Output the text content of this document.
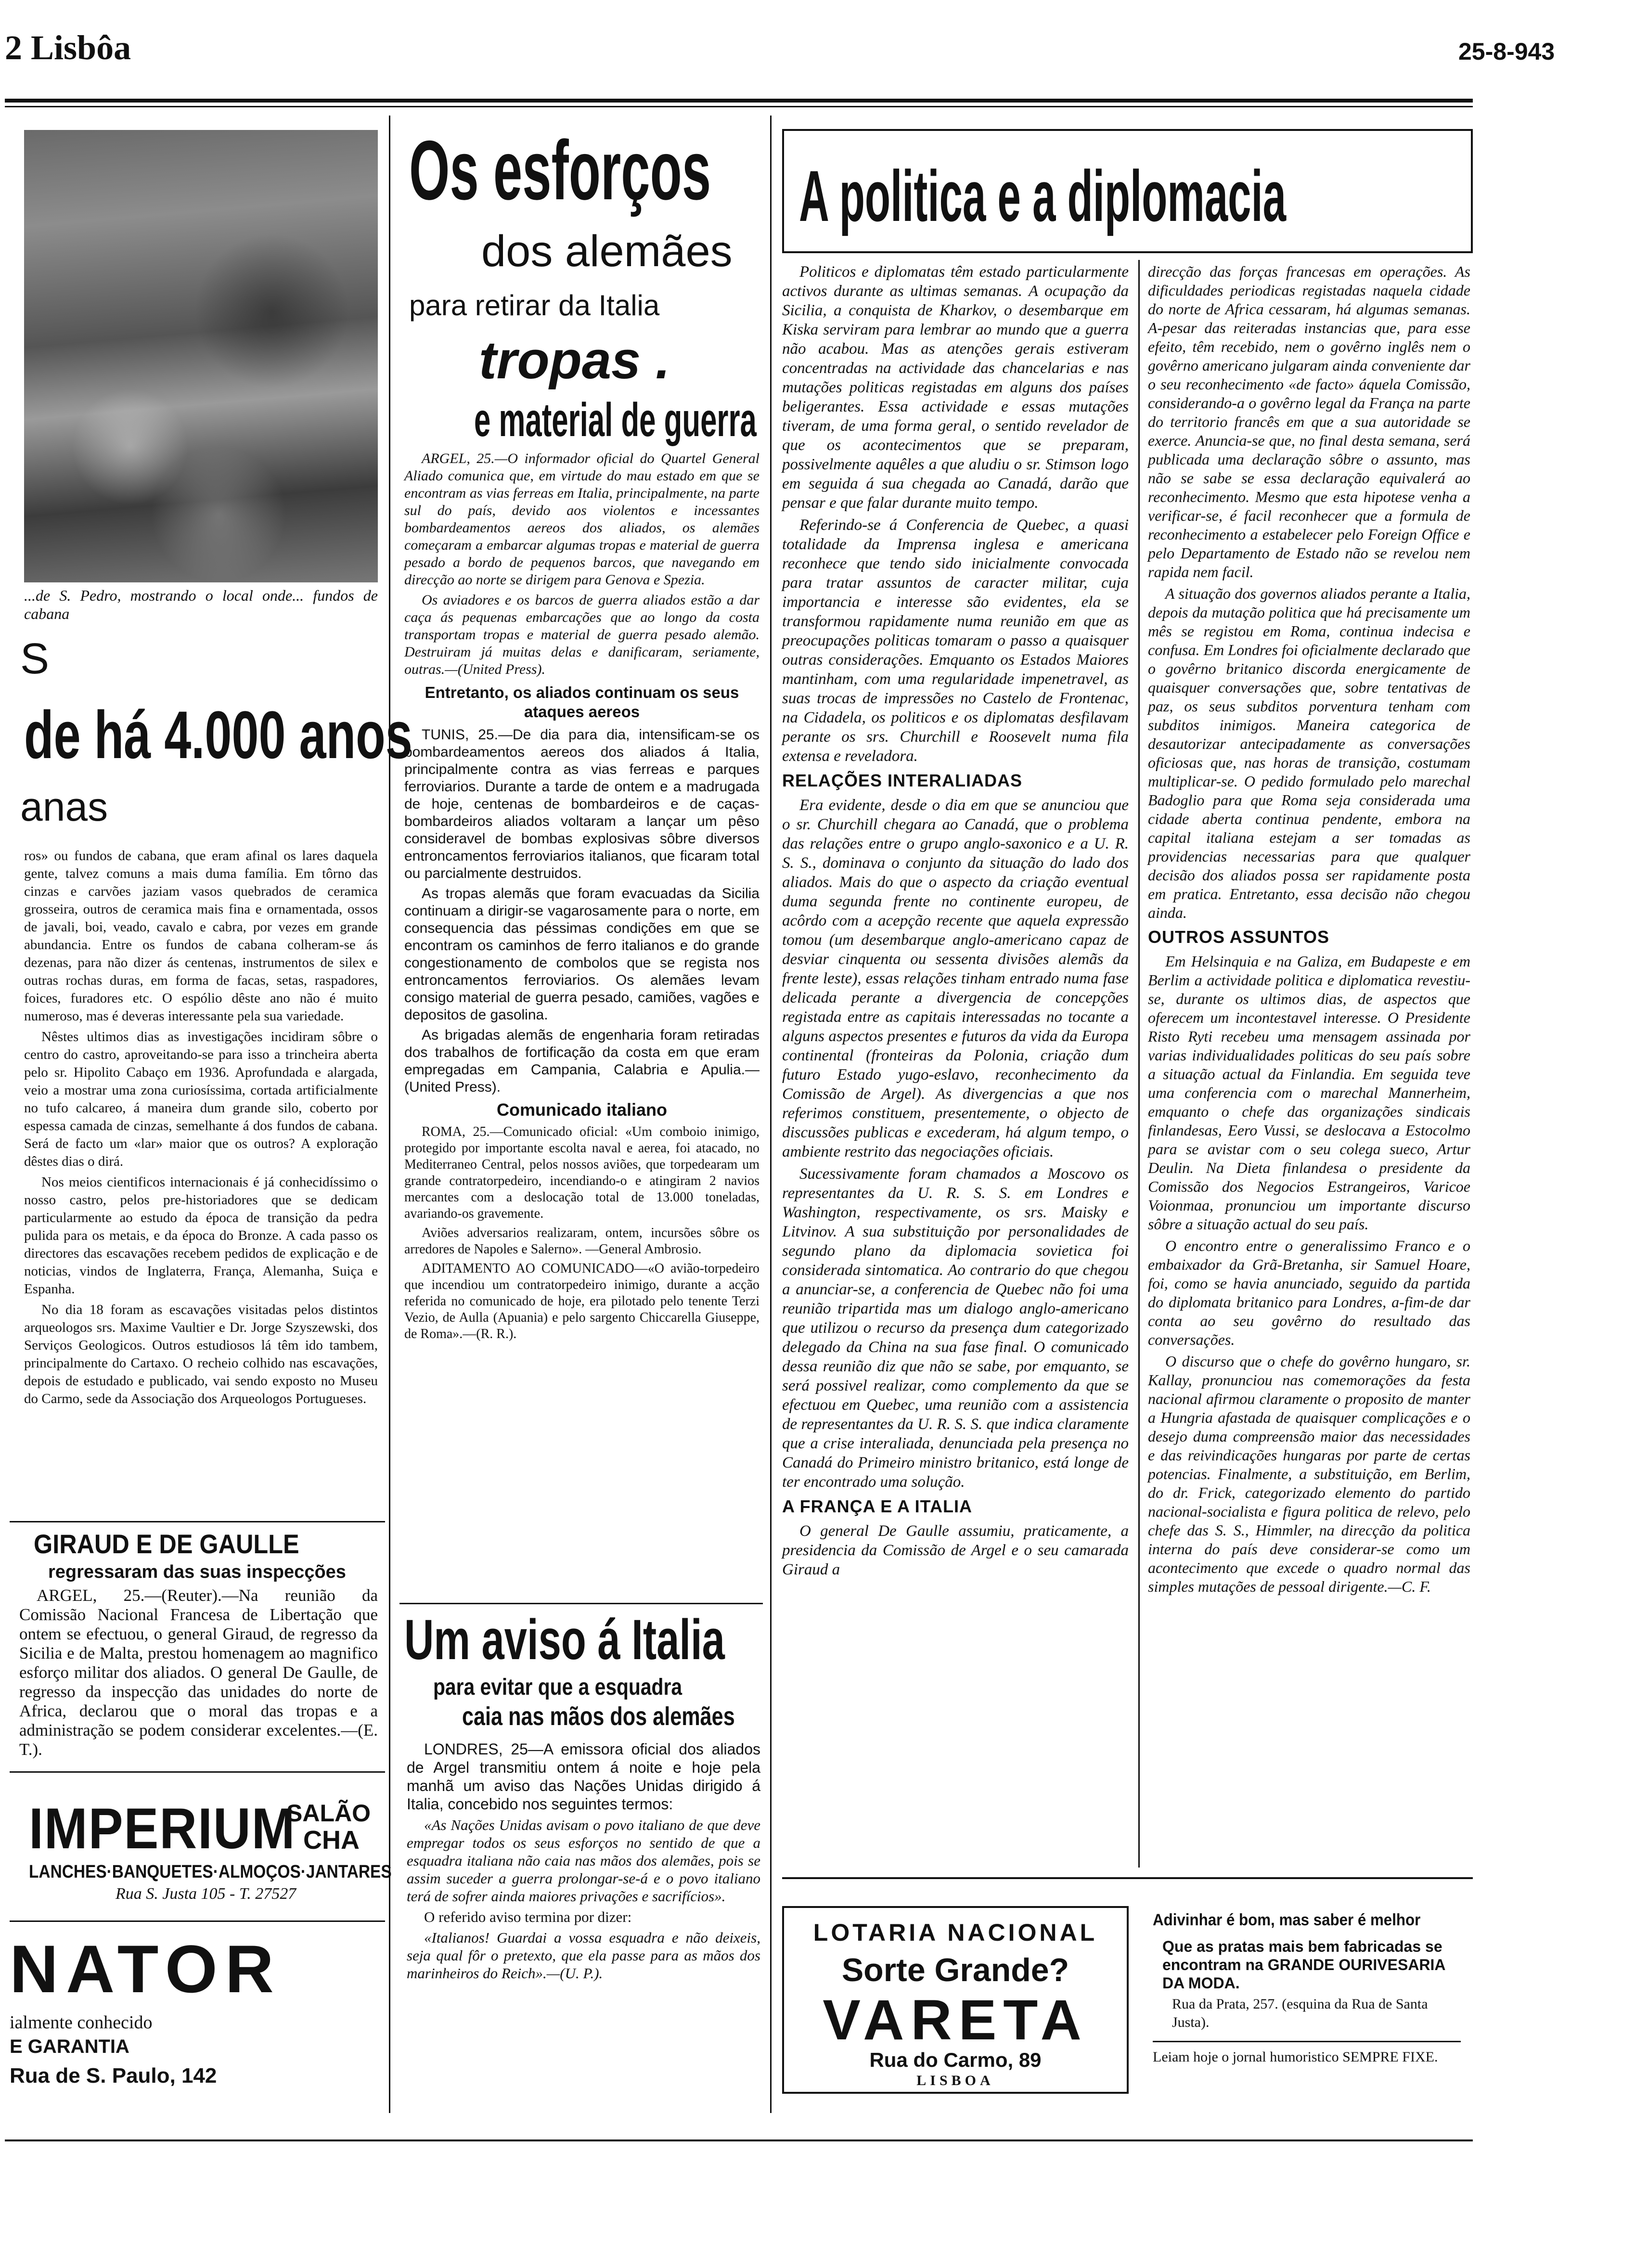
2 Lisbôa	25-8-943
...de S. Pedro, mostrando o local onde... fundos de cabana
S
de há 4.000 anos
anas

ros» ou fundos de cabana, que eram afinal os lares daquela gente, talvez comuns a mais duma família. Em tôrno das cinzas e carvões jaziam vasos quebrados de ceramica grosseira, outros de ceramica mais fina e ornamentada, ossos de javali, boi, veado, cavalo e cabra, por vezes em grande abundancia. Entre os fundos de cabana colheram-se ás dezenas, para não dizer ás centenas, instrumentos de silex e outras rochas duras, em forma de facas, setas, raspadores, foices, furadores etc. O espólio dêste ano não é muito numeroso, mas é deveras interessante pela sua variedade.

Nêstes ultimos dias as investigações incidiram sôbre o centro do castro, aproveitando-se para isso a trincheira aberta pelo sr. Hipolito Cabaço em 1936. Aprofundada e alargada, veio a mostrar uma zona curiosíssima, cortada artificialmente no tufo calcareo, á maneira dum grande silo, coberto por espessa camada de cinzas, semelhante á dos fundos de cabana. Será de facto um «lar» maior que os outros? A exploração dêstes dias o dirá.

Nos meios cientificos internacionais é já conhecidíssimo o nosso castro, pelos pre-historiadores que se dedicam particularmente ao estudo da época de transição da pedra pulida para os metais, e da época do Bronze. A cada passo os directores das escavações recebem pedidos de explicação e de noticias, vindos de Inglaterra, França, Alemanha, Suiça e Espanha.

No dia 18 foram as escavações visitadas pelos distintos arqueologos srs. Maxime Vaultier e Dr. Jorge Szyszewski, dos Serviços Geologicos. Outros estudiosos lá têm ido tambem, principalmente do Cartaxo. O recheio colhido nas escavações, depois de estudado e publicado, vai sendo exposto no Museu do Carmo, sede da Associação dos Arqueologos Portugueses.

GIRAUD E DE GAULLE
regressaram das suas inspecções

ARGEL, 25.—(Reuter).—Na reunião da Comissão Nacional Francesa de Libertação que ontem se efectuou, o general Giraud, de regresso da Sicilia e de Malta, prestou homenagem ao magnifico esforço militar dos aliados. O general De Gaulle, de regresso da inspecção das unidades do norte de Africa, declarou que o moral das tropas e a administração se podem considerar excelentes.—(E. T.).

IMPERIUM
SALÃO
CHA
LANCHES·BANQUETES·ALMOÇOS·JANTARES
Rua S. Justa 105 - T. 27527
NATOR
ialmente conhecido
E GARANTIA
Rua de S. Paulo, 142
Os esforços
dos alemães
para retirar da Italia
tropas .
e material de guerra

ARGEL, 25.—O informador oficial do Quartel General Aliado comunica que, em virtude do mau estado em que se encontram as vias ferreas em Italia, principalmente, na parte sul do país, devido aos violentos e incessantes bombardeamentos aereos dos aliados, os alemães começaram a embarcar algumas tropas e material de guerra pesado a bordo de pequenos barcos, que navegando em direcção ao norte se dirigem para Genova e Spezia.

Os aviadores e os barcos de guerra aliados estão a dar caça ás pequenas embarcações que ao longo da costa transportam tropas e material de guerra pesado alemão. Destruiram já muitas delas e danificaram, seriamente, outras.—(United Press).

Entretanto, os aliados continuam os seus ataques aereos

TUNIS, 25.—De dia para dia, intensificam-se os bombardeamentos aereos dos aliados á Italia, principalmente contra as vias ferreas e parques ferroviarios. Durante a tarde de ontem e a madrugada de hoje, centenas de bombardeiros e de caças-bombardeiros aliados voltaram a lançar um pêso consideravel de bombas explosivas sôbre diversos entroncamentos ferroviarios italianos, que ficaram total ou parcialmente destruidos.

As tropas alemãs que foram evacuadas da Sicilia continuam a dirigir-se vagarosamente para o norte, em consequencia das péssimas condições em que se encontram os caminhos de ferro italianos e do grande congestionamento de combolos que se regista nos entroncamentos ferroviarios. Os alemães levam consigo material de guerra pesado, camiões, vagões e depositos de gasolina.

As brigadas alemãs de engenharia foram retiradas dos trabalhos de fortificação da costa em que eram empregadas em Campania, Calabria e Apulia.—(United Press).

Comunicado italiano

ROMA, 25.—Comunicado oficial: «Um comboio inimigo, protegido por importante escolta naval e aerea, foi atacado, no Mediterraneo Central, pelos nossos aviões, que torpedearam um grande contratorpedeiro, incendiando-o e atingiram 2 navios mercantes com a deslocação total de 13.000 toneladas, avariando-os gravemente.

Aviões adversarios realizaram, ontem, incursões sôbre os arredores de Napoles e Salerno». —General Ambrosio.

ADITAMENTO AO COMUNICADO—«O avião-torpedeiro que incendiou um contratorpedeiro inimigo, durante a acção referida no comunicado de hoje, era pilotado pelo tenente Terzi Vezio, de Aulla (Apuania) e pelo sargento Chiccarella Giuseppe, de Roma».—(R. R.).

Um aviso á Italia
para evitar que a esquadra
caia nas mãos dos alemães

LONDRES, 25—A emissora oficial dos aliados de Argel transmitiu ontem á noite e hoje pela manhã um aviso das Nações Unidas dirigido á Italia, concebido nos seguintes termos:

«As Nações Unidas avisam o povo italiano de que deve empregar todos os seus esforços no sentido de que a esquadra italiana não caia nas mãos dos alemães, pois se assim suceder a guerra prolongar-se-á e o povo italiano terá de sofrer ainda maiores privações e sacrifícios».

O referido aviso termina por dizer:

«Italianos! Guardai a vossa esquadra e não deixeis, seja qual fôr o pretexto, que ela passe para as mãos dos marinheiros do Reich».—(U. P.).

A politica e a diplomacia

Politicos e diplomatas têm estado particularmente activos durante as ultimas semanas. A ocupação da Sicilia, a conquista de Kharkov, o desembarque em Kiska serviram para lembrar ao mundo que a guerra não acabou. Mas as atenções gerais estiveram concentradas na actividade das chancelarias e nas mutações politicas registadas em alguns dos países beligerantes. Essa actividade e essas mutações tiveram, de uma forma geral, o sentido revelador de que os acontecimentos que se preparam, possivelmente aquêles a que aludiu o sr. Stimson logo em seguida á sua chegada ao Canadá, darão que pensar e que falar durante muito tempo.

Referindo-se á Conferencia de Quebec, a quasi totalidade da Imprensa inglesa e americana reconhece que tendo sido inicialmente convocada para tratar assuntos de caracter militar, cuja importancia e interesse são evidentes, ela se transformou rapidamente numa reunião em que as preocupações politicas tomaram o passo a quaisquer outras considerações. Emquanto os Estados Maiores mantinham, com uma regularidade impenetravel, as suas trocas de impressões no Castelo de Frontenac, na Cidadela, os politicos e os diplomatas desfilavam perante os srs. Churchill e Roosevelt numa fila extensa e reveladora.

RELAÇÕES INTERALIADAS

Era evidente, desde o dia em que se anunciou que o sr. Churchill chegara ao Canadá, que o problema das relações entre o grupo anglo-saxonico e a U. R. S. S., dominava o conjunto da situação do lado dos aliados. Mais do que o aspecto da criação eventual duma segunda frente no continente europeu, de acôrdo com a acepção recente que aquela expressão tomou (um desembarque anglo-americano capaz de desviar cinquenta ou sessenta divisões alemãs da frente leste), essas relações tinham entrado numa fase delicada perante a divergencia de concepções registada entre as capitais interessadas no tocante a alguns aspectos presentes e futuros da vida da Europa continental (fronteiras da Polonia, criação dum futuro Estado yugo-eslavo, reconhecimento da Comissão de Argel). As divergencias a que nos referimos constituem, presentemente, o objecto de discussões publicas e excederam, há algum tempo, o ambiente restrito das negociações oficiais.

Sucessivamente foram chamados a Moscovo os representantes da U. R. S. S. em Londres e Washington, respectivamente, os srs. Maisky e Litvinov. A sua substituição por personalidades de segundo plano da diplomacia sovietica foi considerada sintomatica. Ao contrario do que chegou a anunciar-se, a conferencia de Quebec não foi uma reunião tripartida mas um dialogo anglo-americano que utilizou o recurso da presença dum categorizado delegado da China na sua fase final. O comunicado dessa reunião diz que não se sabe, por emquanto, se será possivel realizar, como complemento da que se efectuou em Quebec, uma reunião com a assistencia de representantes da U. R. S. S. que indica claramente que a crise interaliada, denunciada pela presença no Canadá do Primeiro ministro britanico, está longe de ter encontrado uma solução.

A FRANÇA E A ITALIA

O general De Gaulle assumiu, praticamente, a presidencia da Comissão de Argel e o seu camarada Giraud a

direcção das forças francesas em operações. As dificuldades periodicas registadas naquela cidade do norte de Africa cessaram, há algumas semanas. A-pesar das reiteradas instancias que, para esse efeito, têm recebido, nem o govêrno inglês nem o govêrno americano julgaram ainda conveniente dar o seu reconhecimento «de facto» áquela Comissão, considerando-a o govêrno legal da França na parte do territorio francês em que a sua autoridade se exerce. Anuncia-se que, no final desta semana, será publicada uma declaração sôbre o assunto, mas não se sabe se essa declaração equivalerá ao reconhecimento. Mesmo que esta hipotese venha a verificar-se, é facil reconhecer que a formula de reconhecimento a estabelecer pelo Foreign Office e pelo Departamento de Estado não se revelou nem rapida nem facil.

A situação dos governos aliados perante a Italia, depois da mutação politica que há precisamente um mês se registou em Roma, continua indecisa e confusa. Em Londres foi oficialmente declarado que o govêrno britanico discorda energicamente de quaisquer conversações que, sobre tentativas de paz, os seus subditos porventura tenham com subditos inimigos. Maneira categorica de desautorizar antecipadamente as conversações oficiosas que, nas horas de transição, costumam multiplicar-se. O pedido formulado pelo marechal Badoglio para que Roma seja considerada uma cidade aberta continua pendente, embora na capital italiana estejam a ser tomadas as providencias necessarias para que qualquer decisão dos aliados possa ser rapidamente posta em pratica. Entretanto, essa decisão não chegou ainda.

OUTROS ASSUNTOS

Em Helsinquia e na Galiza, em Budapeste e em Berlim a actividade politica e diplomatica revestiu-se, durante os ultimos dias, de aspectos que oferecem um incontestavel interesse. O Presidente Risto Ryti recebeu uma mensagem assinada por varias individualidades politicas do seu país sobre a situação actual da Finlandia. Em seguida teve uma conferencia com o marechal Mannerheim, emquanto o chefe das organizações sindicais finlandesas, Eero Vussi, se deslocava a Estocolmo para se avistar com o seu colega sueco, Artur Deulin. Na Dieta finlandesa o presidente da Comissão dos Negocios Estrangeiros, Varicoe Voionmaa, pronunciou um importante discurso sôbre a situação actual do seu país.

O encontro entre o generalissimo Franco e o embaixador da Grã-Bretanha, sir Samuel Hoare, foi, como se havia anunciado, seguido da partida do diplomata britanico para Londres, a-fim-de dar conta ao seu govêrno do resultado das conversações.

O discurso que o chefe do govêrno hungaro, sr. Kallay, pronunciou nas comemorações da festa nacional afirmou claramente o proposito de manter a Hungria afastada de quaisquer complicações e o desejo duma compreensão maior das necessidades e das reivindicações hungaras por parte de certas potencias. Finalmente, a substituição, em Berlim, do dr. Frick, categorizado elemento do partido nacional-socialista e figura politica de relevo, pelo chefe das S. S., Himmler, na direcção da politica interna do país deve considerar-se como um acontecimento que excede o quadro normal das simples mutações de pessoal dirigente.—C. F.

LOTARIA NACIONAL
Sorte Grande?
VARETA
Rua do Carmo, 89
LISBOA
Adivinhar é bom, mas saber é melhor
Que as pratas mais bem fabricadas se encontram na GRANDE OURIVESARIA DA MODA.
Rua da Prata, 257. (esquina da Rua de Santa Justa).
Leiam hoje o jornal humoristico SEMPRE FIXE.
